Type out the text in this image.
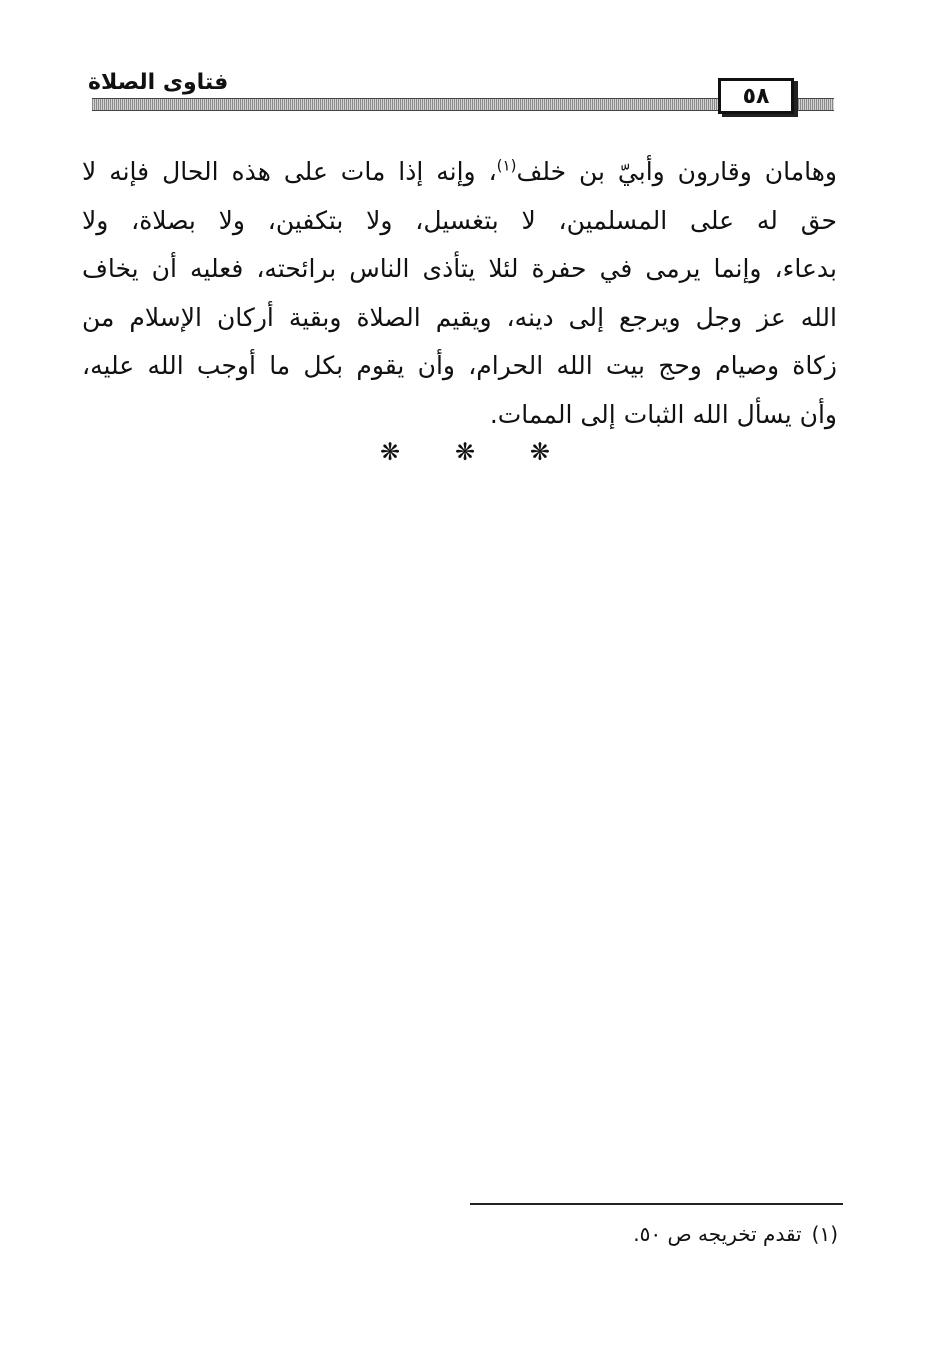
فتاوى الصلاة
٥٨
وهامان وقارون وأبيّ بن خلف$^{(١)}$، وإنه إذا مات على هذه الحال فإنه لا
حق له على المسلمين، لا بتغسيل، ولا بتكفين، ولا بصلاة، ولا
بدعاء، وإنما يرمى في حفرة لئلا يتأذى الناس برائحته، فعليه أن يخاف
الله عز وجل ويرجع إلى دينه، ويقيم الصلاة وبقية أركان الإسلام من
زكاة وصيام وحج بيت الله الحرام، وأن يقوم بكل ما أوجب الله عليه،
وأن يسأل الله الثبات إلى الممات.
❋ ❋ ❋
(١)تقدم تخريجه ص ٥٠.
